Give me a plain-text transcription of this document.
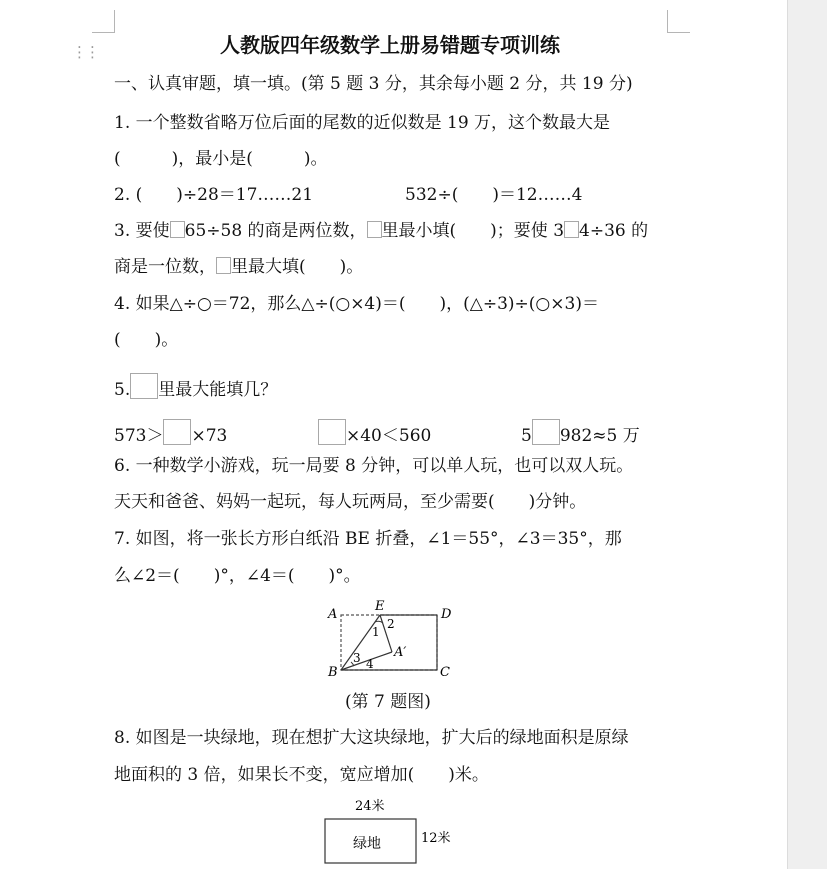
⋮⋮	人教版四年级数学上册易错题专项训练
一、认真审题，填一填。(第 5 题 3 分，其余每小题 2 分，共 19 分)
1. 一个整数省略万位后面的尾数的近似数是 19 万，这个数最大是
(　　　)，最小是(　　　)。
2. (　　)÷28＝17……21	532÷(　　)＝12……4
3. 要使 65÷58 的商是两位数， 里最小填(　　)；要使 3 4÷36 的
商是一位数， 里最大填(　　)。
4. 如果△÷○＝72，那么△÷(○×4)＝(　　)，(△÷3)÷(○×3)＝
(　　)。
5. 里最大能填几？
573＞ ×73	×40＜560	5 982≈5 万
6. 一种数学小游戏，玩一局要 8 分钟，可以单人玩，也可以双人玩。
天天和爸爸、妈妈一起玩，每人玩两局，至少需要(　　)分钟。
7. 如图，将一张长方形白纸沿 BE 折叠，∠1＝55°，∠3＝35°，那
么∠2＝(　　)°，∠4＝(　　)°。
A
E
D
B	C
A′
1
2
3 4
(第 7 题图)
8. 如图是一块绿地，现在想扩大这块绿地，扩大后的绿地面积是原绿
地面积的 3 倍，如果长不变，宽应增加(　　)米。
24米
绿地	12米
